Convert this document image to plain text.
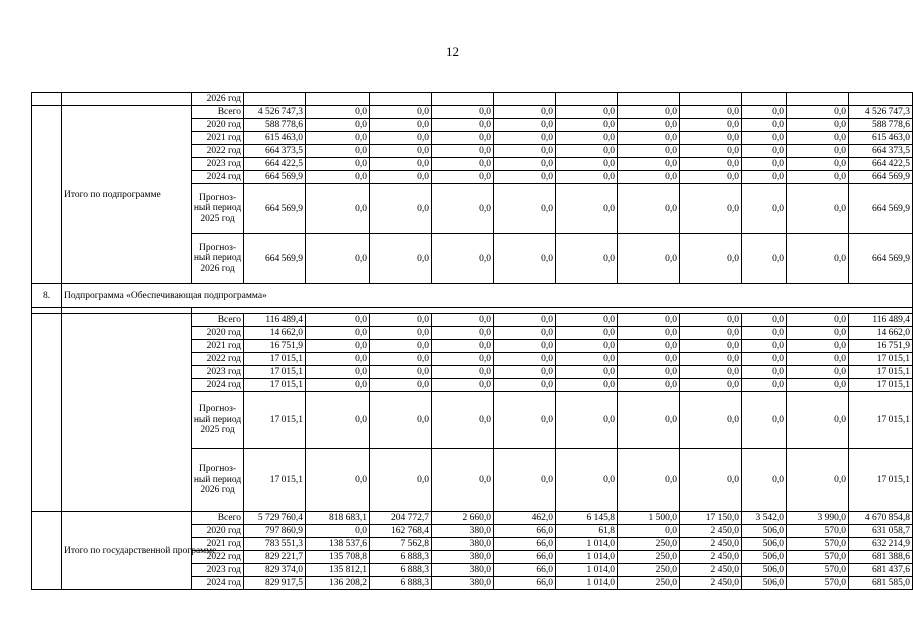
12
		2026 год											
	Итого по подпрограмме	Всего	4 526 747,3	0,0	0,0	0,0	0,0	0,0	0,0	0,0	0,0	0,0	4 526 747,3
		2020 год	588 778,6	0,0	0,0	0,0	0,0	0,0	0,0	0,0	0,0	0,0	588 778,6
		2021 год	615 463,0	0,0	0,0	0,0	0,0	0,0	0,0	0,0	0,0	0,0	615 463,0
		2022 год	664 373,5	0,0	0,0	0,0	0,0	0,0	0,0	0,0	0,0	0,0	664 373,5
		2023 год	664 422,5	0,0	0,0	0,0	0,0	0,0	0,0	0,0	0,0	0,0	664 422,5
		2024 год	664 569,9	0,0	0,0	0,0	0,0	0,0	0,0	0,0	0,0	0,0	664 569,9
		Прогноз-ный период 2025 год	664 569,9	0,0	0,0	0,0	0,0	0,0	0,0	0,0	0,0	0,0	664 569,9
		Прогноз-ный период 2026 год	664 569,9	0,0	0,0	0,0	0,0	0,0	0,0	0,0	0,0	0,0	664 569,9
8.	Подпрограмма «Обеспечивающая подпрограмма»												

		Всего	116 489,4	0,0	0,0	0,0	0,0	0,0	0,0	0,0	0,0	0,0	116 489,4
		2020 год	14 662,0	0,0	0,0	0,0	0,0	0,0	0,0	0,0	0,0	0,0	14 662,0
		2021 год	16 751,9	0,0	0,0	0,0	0,0	0,0	0,0	0,0	0,0	0,0	16 751,9
		2022 год	17 015,1	0,0	0,0	0,0	0,0	0,0	0,0	0,0	0,0	0,0	17 015,1
		2023 год	17 015,1	0,0	0,0	0,0	0,0	0,0	0,0	0,0	0,0	0,0	17 015,1
		2024 год	17 015,1	0,0	0,0	0,0	0,0	0,0	0,0	0,0	0,0	0,0	17 015,1
		Прогноз-ный период 2025 год	17 015,1	0,0	0,0	0,0	0,0	0,0	0,0	0,0	0,0	0,0	17 015,1
		Прогноз-ный период 2026 год	17 015,1	0,0	0,0	0,0	0,0	0,0	0,0	0,0	0,0	0,0	17 015,1
	Итого по государственной программе	Всего	5 729 760,4	818 683,1	204 772,7	2 660,0	462,0	6 145,8	1 500,0	17 150,0	3 542,0	3 990,0	4 670 854,8
		2020 год	797 860,9	0,0	162 768,4	380,0	66,0	61,8	0,0	2 450,0	506,0	570,0	631 058,7
		2021 год	783 551,3	138 537,6	7 562,8	380,0	66,0	1 014,0	250,0	2 450,0	506,0	570,0	632 214,9
		2022 год	829 221,7	135 708,8	6 888,3	380,0	66,0	1 014,0	250,0	2 450,0	506,0	570,0	681 388,6
		2023 год	829 374,0	135 812,1	6 888,3	380,0	66,0	1 014,0	250,0	2 450,0	506,0	570,0	681 437,6
		2024 год	829 917,5	136 208,2	6 888,3	380,0	66,0	1 014,0	250,0	2 450,0	506,0	570,0	681 585,0
